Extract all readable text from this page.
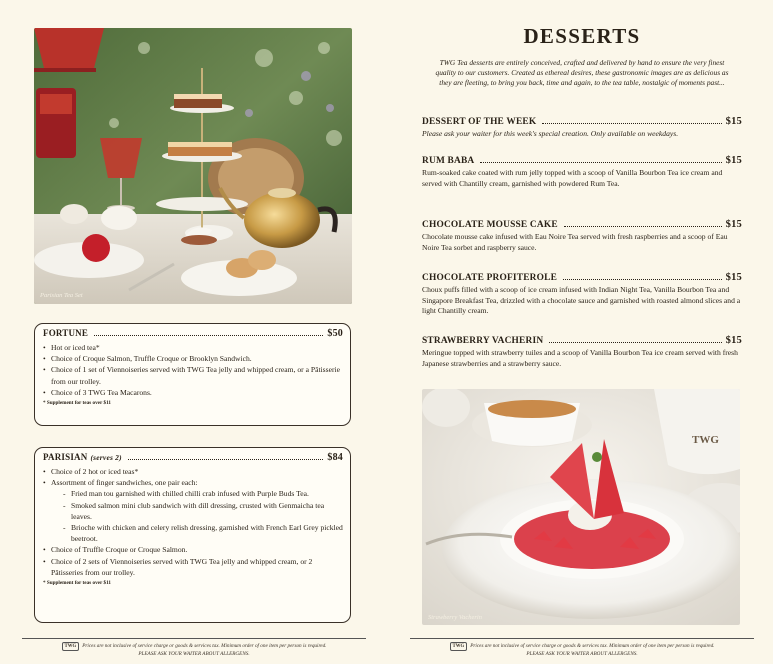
Parisian Tea Set
FORTUNE	$50
• Hot or iced tea*
• Choice of Croque Salmon, Truffle Croque or Brooklyn Sandwich.
• Choice of 1 set of Viennoiseries served with TWG Tea jelly and whipped cream, or a Pâtisserie from our trolley.
• Choice of 3 TWG Tea Macarons.
* Supplement for teas over $11
PARISIAN (serves 2)	$84
• Choice of 2 hot or iced teas*
• Assortment of finger sandwiches, one pair each:
- Fried man tou garnished with chilled chilli crab infused with Purple Buds Tea.
- Smoked salmon mini club sandwich with dill dressing, crusted with Genmaicha tea leaves.
- Brioche with chicken and celery relish dressing, garnished with French Earl Grey pickled beetroot.
• Choice of Truffle Croque or Croque Salmon.
• Choice of 2 sets of Viennoiseries served with TWG Tea jelly and whipped cream, or 2 Pâtisseries from our trolley.
* Supplement for teas over $11
TWG Prices are not inclusive of service charge or goods & services tax. Minimum order of one item per person is required.
PLEASE ASK YOUR WAITER ABOUT ALLERGENS.
DESSERTS
TWG Tea desserts are entirely conceived, crafted and delivered by hand to ensure the very finest quality to our customers. Created as ethereal desires, these gastronomic images are as delicious as they are fleeting, to bring you back, time and again, to the tea table, nostalgic of moments past...
DESSERT OF THE WEEK	$15
Please ask your waiter for this week's special creation. Only available on weekdays.
RUM BABA	$15
Rum-soaked cake coated with rum jelly topped with a scoop of Vanilla Bourbon Tea ice cream and served with Chantilly cream, garnished with powdered Rum Tea.
CHOCOLATE MOUSSE CAKE	$15
Chocolate mousse cake infused with Eau Noire Tea served with fresh raspberries and a scoop of Eau Noire Tea sorbet and raspberry sauce.
CHOCOLATE PROFITEROLE	$15
Choux puffs filled with a scoop of ice cream infused with Indian Night Tea, Vanilla Bourbon Tea and Singapore Breakfast Tea, drizzled with a chocolate sauce and garnished with roasted almond slices and a light Chantilly cream.
STRAWBERRY VACHERIN	$15
Meringue topped with strawberry tuiles and a scoop of Vanilla Bourbon Tea ice cream served with fresh Japanese strawberries and a strawberry sauce.
TWG
Strawberry Vacherin
TWG Prices are not inclusive of service charge or goods & services tax. Minimum order of one item per person is required.
PLEASE ASK YOUR WAITER ABOUT ALLERGENS.
